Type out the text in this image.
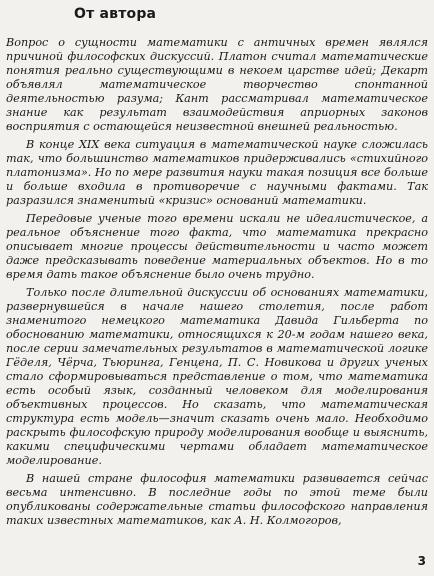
От автора

Вопрос о сущности математики с античных времен являлся причиной философских дискуссий. Платон считал математические понятия реально существующими в некоем царстве идей; Декарт объявлял математическое творчество спонтанной деятельностью разума; Кант рассматривал математическое знание как результат взаимодействия априорных законов восприятия с остающейся неизвестной внешней реальностью.

В конце XIX века ситуация в математической науке сложилась так, что большинство математиков придерживались «стихийного платонизма». Но по мере развития науки такая позиция все больше и больше входила в противоречие с научными фактами. Так разразился знаменитый «кризис» оснований математики.

Передовые ученые того времени искали не идеалистическое, а реальное объяснение того факта, что математика прекрасно описывает многие процессы действительности и часто может даже предсказывать поведение материальных объектов. Но в то время дать такое объяснение было очень трудно.

Только после длительной дискуссии об основаниях математики, развернувшейся в начале нашего столетия, после работ знаменитого немецкого математика Давида Гильберта по обоснованию математики, относящихся к 20-м годам нашего века, после серии замечательных результатов в математической логике Гёделя, Чёрча, Тьюринга, Генцена, П. С. Новикова и других ученых стало сформировываться представление о том, что математика есть особый язык, созданный человеком для моделирования объективных процессов. Но сказать, что математическая структура есть модель—значит сказать очень мало. Необходимо раскрыть философскую природу моделирования вообще и выяснить, какими специфическими чертами обладает математическое моделирование.

В нашей стране философия математики развивается сейчас весьма интенсивно. В последние годы по этой теме были опубликованы содержательные статьи философского направления таких известных математиков, как А. Н. Колмогоров,

3
